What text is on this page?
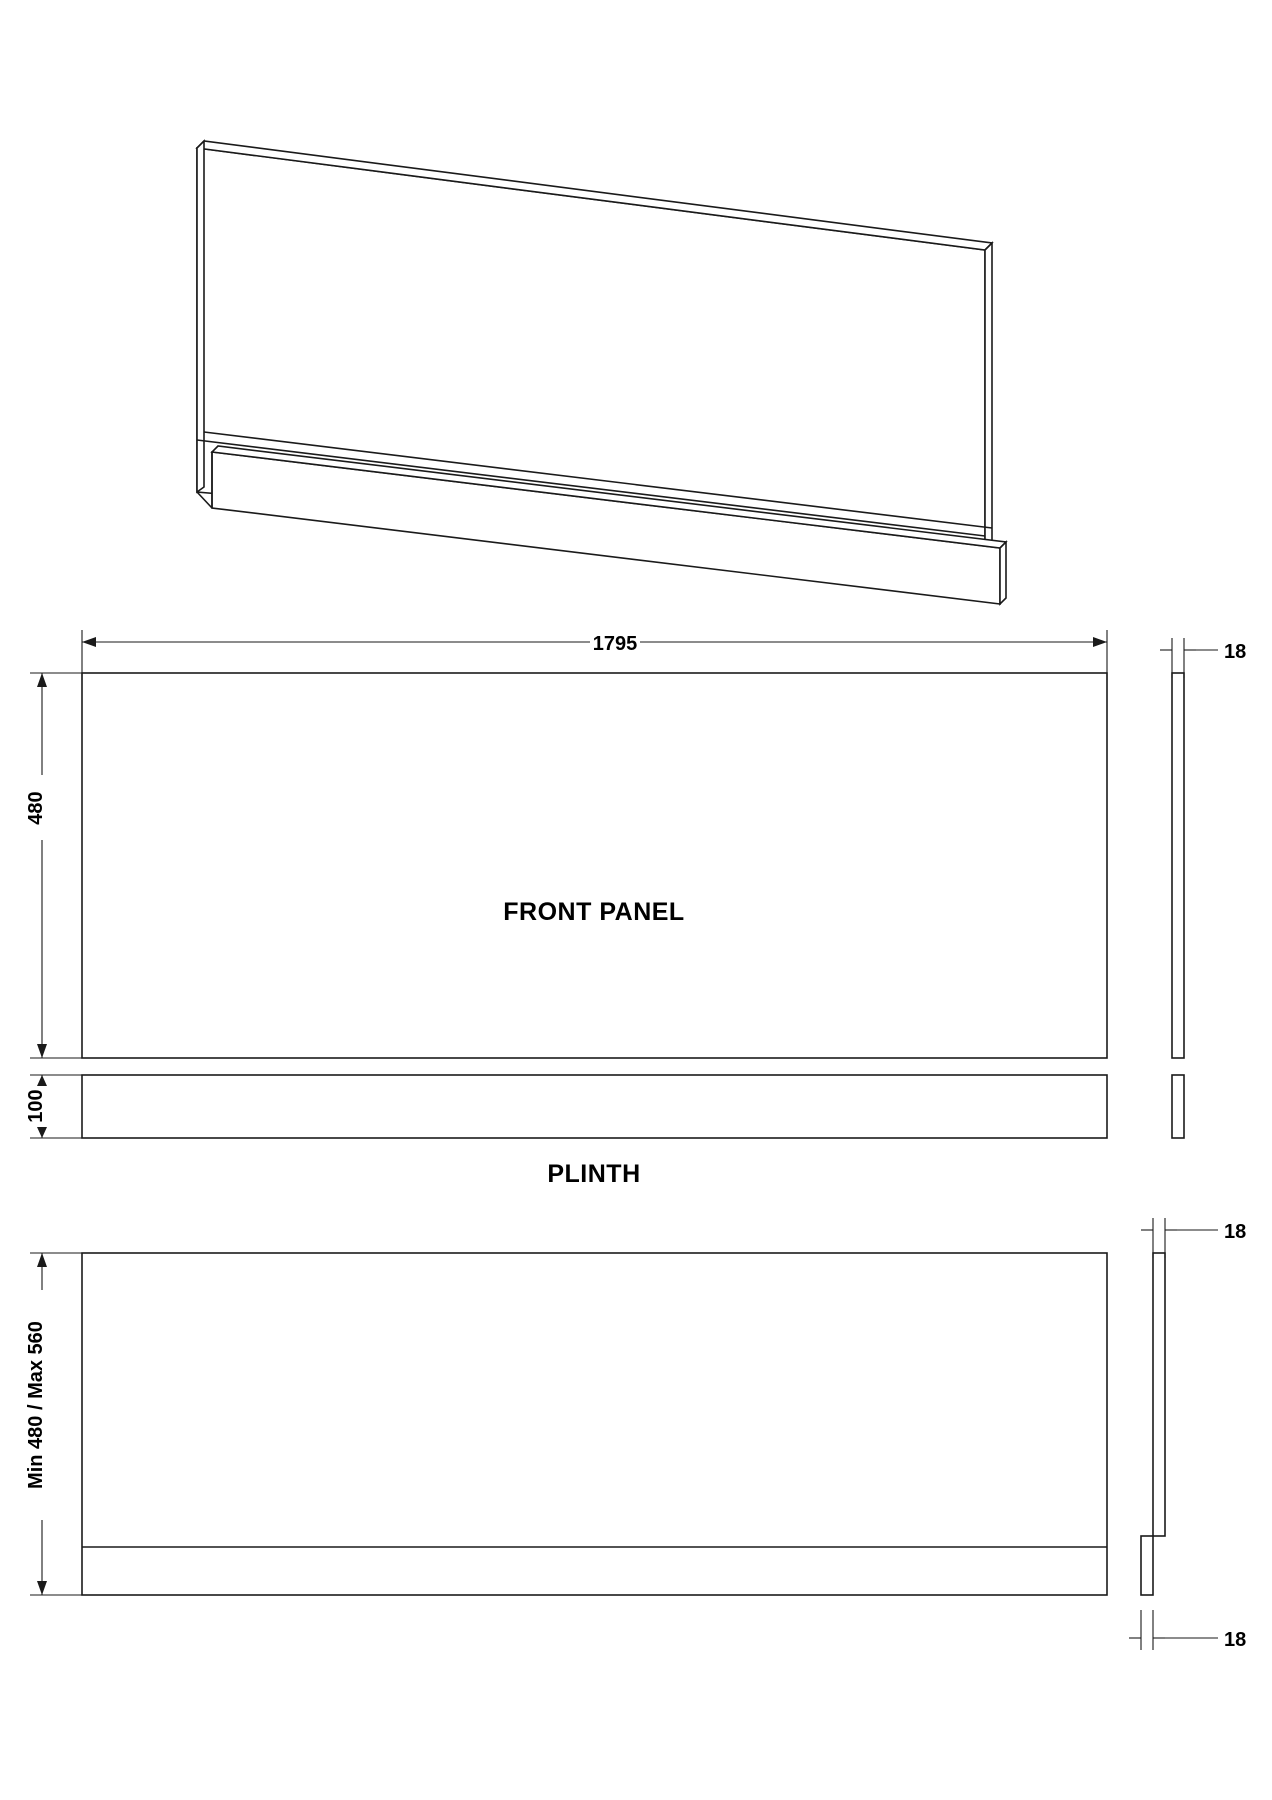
1795
480
FRONT PANEL
18
100
PLINTH
Min 480 / Max 560
18
18
